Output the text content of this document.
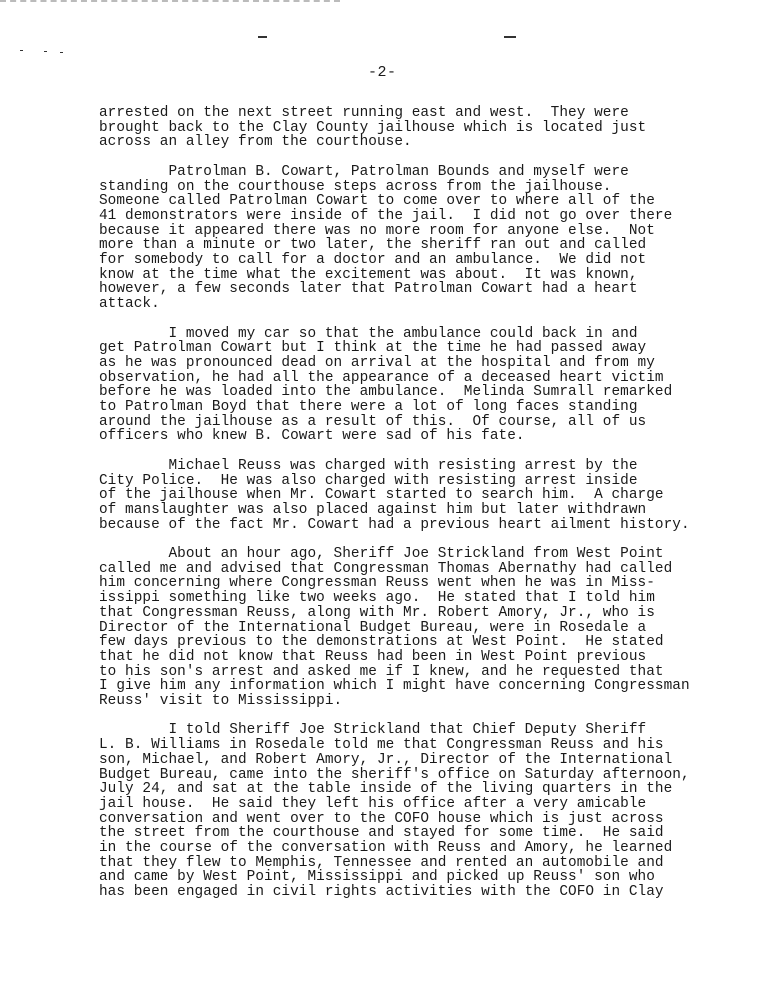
-2-
arrested on the next street running east and west.  They were
brought back to the Clay County jailhouse which is located just
across an alley from the courthouse.
Patrolman B. Cowart, Patrolman Bounds and myself were
standing on the courthouse steps across from the jailhouse.
Someone called Patrolman Cowart to come over to where all of the
41 demonstrators were inside of the jail.  I did not go over there
because it appeared there was no more room for anyone else.  Not
more than a minute or two later, the sheriff ran out and called
for somebody to call for a doctor and an ambulance.  We did not
know at the time what the excitement was about.  It was known,
however, a few seconds later that Patrolman Cowart had a heart
attack.
I moved my car so that the ambulance could back in and
get Patrolman Cowart but I think at the time he had passed away
as he was pronounced dead on arrival at the hospital and from my
observation, he had all the appearance of a deceased heart victim
before he was loaded into the ambulance.  Melinda Sumrall remarked
to Patrolman Boyd that there were a lot of long faces standing
around the jailhouse as a result of this.  Of course, all of us
officers who knew B. Cowart were sad of his fate.
Michael Reuss was charged with resisting arrest by the
City Police.  He was also charged with resisting arrest inside
of the jailhouse when Mr. Cowart started to search him.  A charge
of manslaughter was also placed against him but later withdrawn
because of the fact Mr. Cowart had a previous heart ailment history.
About an hour ago, Sheriff Joe Strickland from West Point
called me and advised that Congressman Thomas Abernathy had called
him concerning where Congressman Reuss went when he was in Miss-
issippi something like two weeks ago.  He stated that I told him
that Congressman Reuss, along with Mr. Robert Amory, Jr., who is
Director of the International Budget Bureau, were in Rosedale a
few days previous to the demonstrations at West Point.  He stated
that he did not know that Reuss had been in West Point previous
to his son's arrest and asked me if I knew, and he requested that
I give him any information which I might have concerning Congressman
Reuss' visit to Mississippi.
I told Sheriff Joe Strickland that Chief Deputy Sheriff
L. B. Williams in Rosedale told me that Congressman Reuss and his
son, Michael, and Robert Amory, Jr., Director of the International
Budget Bureau, came into the sheriff's office on Saturday afternoon,
July 24, and sat at the table inside of the living quarters in the
jail house.  He said they left his office after a very amicable
conversation and went over to the COFO house which is just across
the street from the courthouse and stayed for some time.  He said
in the course of the conversation with Reuss and Amory, he learned
that they flew to Memphis, Tennessee and rented an automobile and
and came by West Point, Mississippi and picked up Reuss' son who
has been engaged in civil rights activities with the COFO in Clay
